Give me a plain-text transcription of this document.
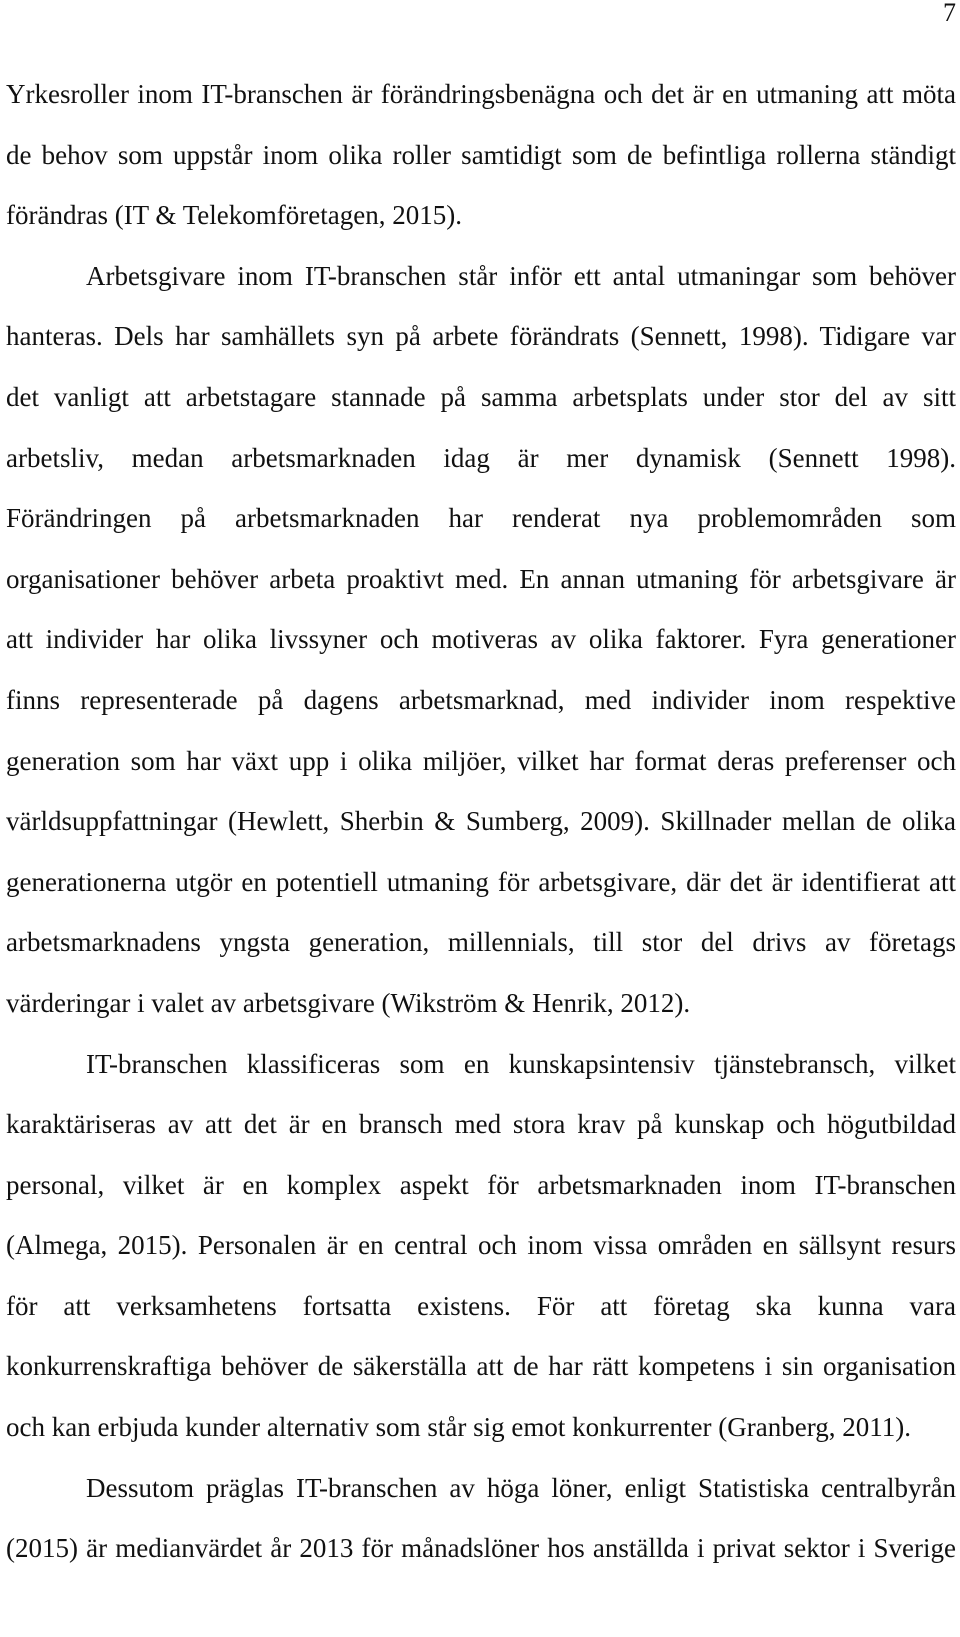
7
Yrkesroller inom IT-branschen är förändringsbenägna och det är en utmaning att möta
de behov som uppstår inom olika roller samtidigt som de befintliga rollerna ständigt
förändras (IT & Telekomföretagen, 2015).
Arbetsgivare inom IT-branschen står inför ett antal utmaningar som behöver
hanteras. Dels har samhällets syn på arbete förändrats (Sennett, 1998). Tidigare var
det vanligt att arbetstagare stannade på samma arbetsplats under stor del av sitt
arbetsliv, medan arbetsmarknaden idag är mer dynamisk (Sennett 1998).
Förändringen på arbetsmarknaden har renderat nya problemområden som
organisationer behöver arbeta proaktivt med. En annan utmaning för arbetsgivare är
att individer har olika livssyner och motiveras av olika faktorer. Fyra generationer
finns representerade på dagens arbetsmarknad, med individer inom respektive
generation som har växt upp i olika miljöer, vilket har format deras preferenser och
världsuppfattningar (Hewlett, Sherbin & Sumberg, 2009). Skillnader mellan de olika
generationerna utgör en potentiell utmaning för arbetsgivare, där det är identifierat att
arbetsmarknadens yngsta generation, millennials, till stor del drivs av företags
värderingar i valet av arbetsgivare (Wikström & Henrik, 2012).
IT-branschen klassificeras som en kunskapsintensiv tjänstebransch, vilket
karaktäriseras av att det är en bransch med stora krav på kunskap och högutbildad
personal, vilket är en komplex aspekt för arbetsmarknaden inom IT-branschen
(Almega, 2015). Personalen är en central och inom vissa områden en sällsynt resurs
för att verksamhetens fortsatta existens. För att företag ska kunna vara
konkurrenskraftiga behöver de säkerställa att de har rätt kompetens i sin organisation
och kan erbjuda kunder alternativ som står sig emot konkurrenter (Granberg, 2011).
Dessutom präglas IT-branschen av höga löner, enligt Statistiska centralbyrån
(2015) är medianvärdet år 2013 för månadslöner hos anställda i privat sektor i Sverige
